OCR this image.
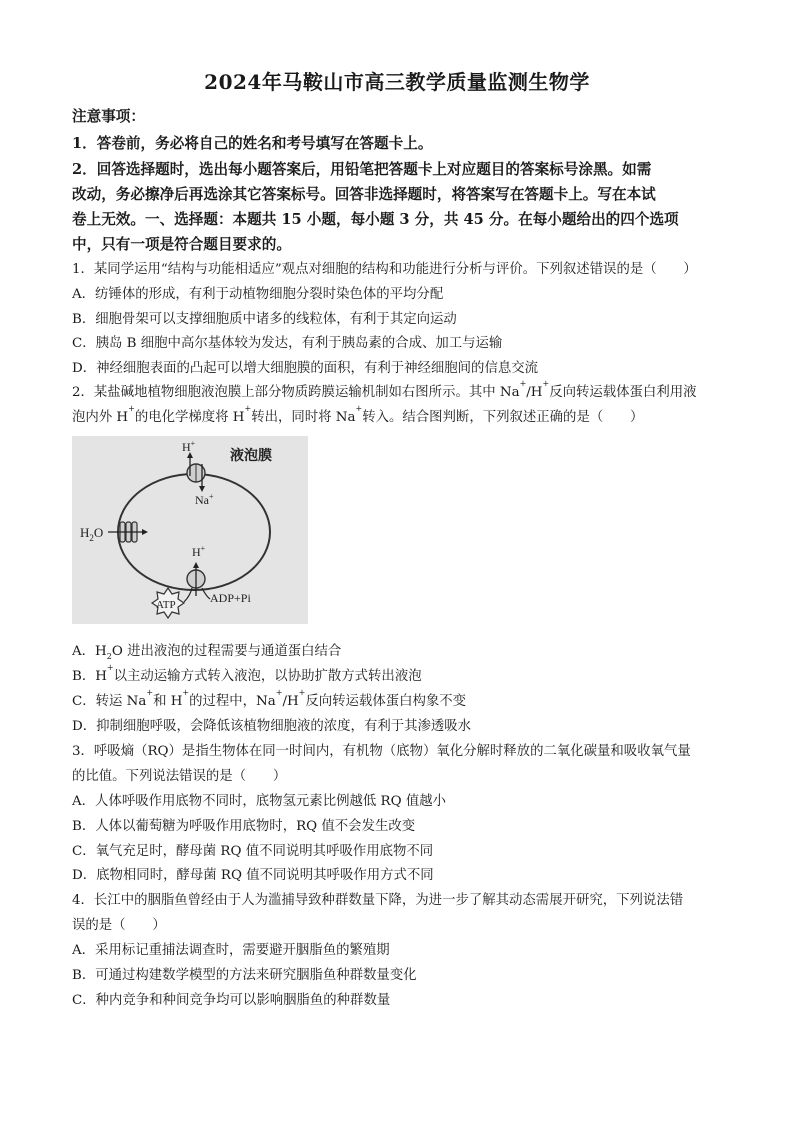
2024年马鞍山市高三教学质量监测生物学
注意事项：
1．答卷前，务必将自己的姓名和考号填写在答题卡上。
2．回答选择题时，选出每小题答案后，用铅笔把答题卡上对应题目的答案标号涂黑。如需
改动，务必擦净后再选涂其它答案标号。回答非选择题时，将答案写在答题卡上。写在本试
卷上无效。一、选择题：本题共 15 小题，每小题 3 分，共 45 分。在每小题给出的四个选项
中，只有一项是符合题目要求的。
1．某同学运用“结构与功能相适应”观点对细胞的结构和功能进行分析与评价。下列叙述错误的是（　　）
A．纺锤体的形成，有利于动植物细胞分裂时染色体的平均分配
B．细胞骨架可以支撑细胞质中诸多的线粒体，有利于其定向运动
C．胰岛 B 细胞中高尔基体较为发达，有利于胰岛素的合成、加工与运输
D．神经细胞表面的凸起可以增大细胞膜的面积，有利于神经细胞间的信息交流
2．某盐碱地植物细胞液泡膜上部分物质跨膜运输机制如右图所示。其中 Na+/H+反向转运载体蛋白利用液
泡内外 H+的电化学梯度将 H+转出，同时将 Na+转入。结合图判断，下列叙述正确的是（　　）
H+
Na+
液泡膜
$H_2O$
H+
ATP	ADP+Pi
A．$H_2O$ 进出液泡的过程需要与通道蛋白结合
B．H+以主动运输方式转入液泡，以协助扩散方式转出液泡
C．转运 Na+和 H+的过程中，Na+/H+反向转运载体蛋白构象不变
D．抑制细胞呼吸，会降低该植物细胞液的浓度，有利于其渗透吸水
3．呼吸熵（RQ）是指生物体在同一时间内，有机物（底物）氧化分解时释放的二氧化碳量和吸收氧气量
的比值。下列说法错误的是（　　）
A．人体呼吸作用底物不同时，底物氢元素比例越低 RQ 值越小
B．人体以葡萄糖为呼吸作用底物时，RQ 值不会发生改变
C．氧气充足时，酵母菌 RQ 值不同说明其呼吸作用底物不同
D．底物相同时，酵母菌 RQ 值不同说明其呼吸作用方式不同
4．长江中的胭脂鱼曾经由于人为滥捕导致种群数量下降，为进一步了解其动态需展开研究，下列说法错
误的是（　　）
A．采用标记重捕法调查时，需要避开胭脂鱼的繁殖期
B．可通过构建数学模型的方法来研究胭脂鱼种群数量变化
C．种内竞争和种间竞争均可以影响胭脂鱼的种群数量
